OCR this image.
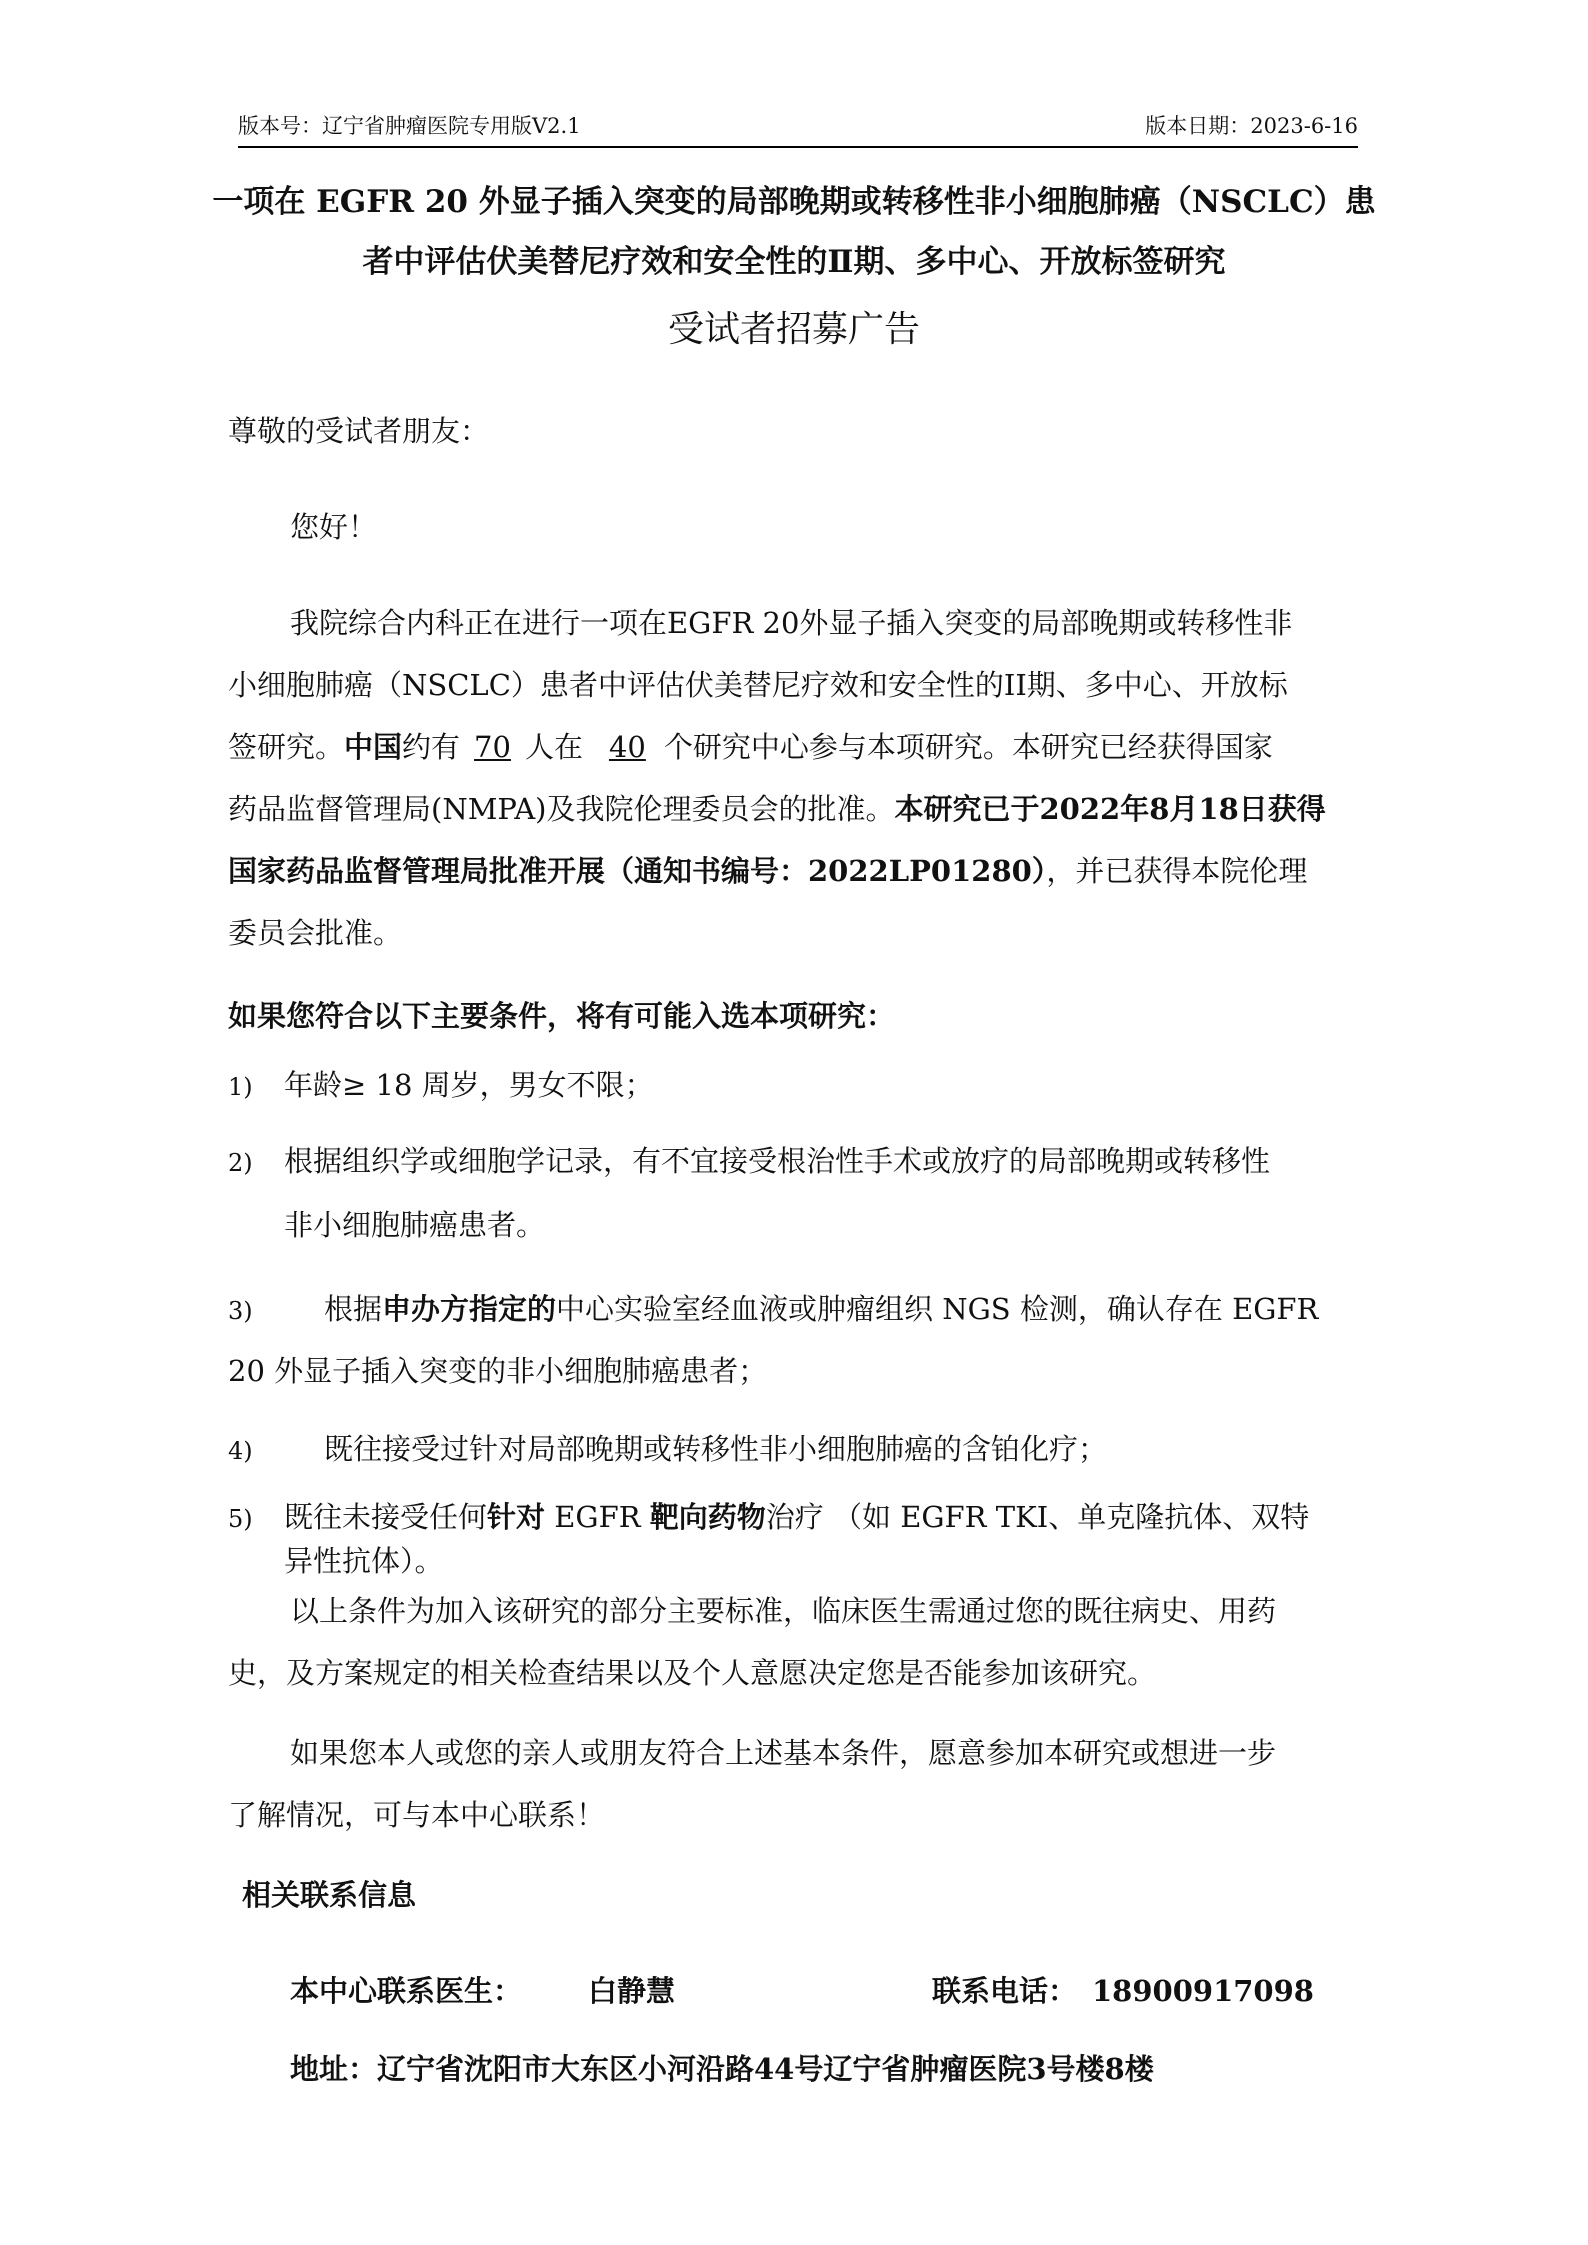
版本号：辽宁省肿瘤医院专用版V2.1	版本日期：2023-6-16
一项在 EGFR 20 外显子插入突变的局部晚期或转移性非小细胞肺癌（NSCLC）患
者中评估伏美替尼疗效和安全性的Ⅱ期、多中心、开放标签研究
受试者招募广告
尊敬的受试者朋友：
您好！
我院综合内科正在进行一项在EGFR 20外显子插入突变的局部晚期或转移性非
小细胞肺癌（NSCLC）患者中评估伏美替尼疗效和安全性的II期、多中心、开放标
签研究。中国约有 70 人在 40 个研究中心参与本项研究。本研究已经获得国家
药品监督管理局(NMPA)及我院伦理委员会的批准。本研究已于2022年8月18日获得
国家药品监督管理局批准开展（通知书编号：2022LP01280），并已获得本院伦理
委员会批准。
如果您符合以下主要条件，将有可能入选本项研究：
1) 年龄≥ 18 周岁，男女不限；
2) 根据组织学或细胞学记录，有不宜接受根治性手术或放疗的局部晚期或转移性
非小细胞肺癌患者。
3) 根据申办方指定的中心实验室经血液或肿瘤组织 NGS 检测，确认存在 EGFR
20 外显子插入突变的非小细胞肺癌患者；
4) 既往接受过针对局部晚期或转移性非小细胞肺癌的含铂化疗；
5) 既往未接受任何针对 EGFR 靶向药物治疗 （如 EGFR TKI、单克隆抗体、双特
异性抗体）。
以上条件为加入该研究的部分主要标准，临床医生需通过您的既往病史、用药
史，及方案规定的相关检查结果以及个人意愿决定您是否能参加该研究。
如果您本人或您的亲人或朋友符合上述基本条件，愿意参加本研究或想进一步
了解情况，可与本中心联系！
相关联系信息
本中心联系医生： 白静慧	联系电话： 18900917098
地址：辽宁省沈阳市大东区小河沿路44号辽宁省肿瘤医院3号楼8楼
